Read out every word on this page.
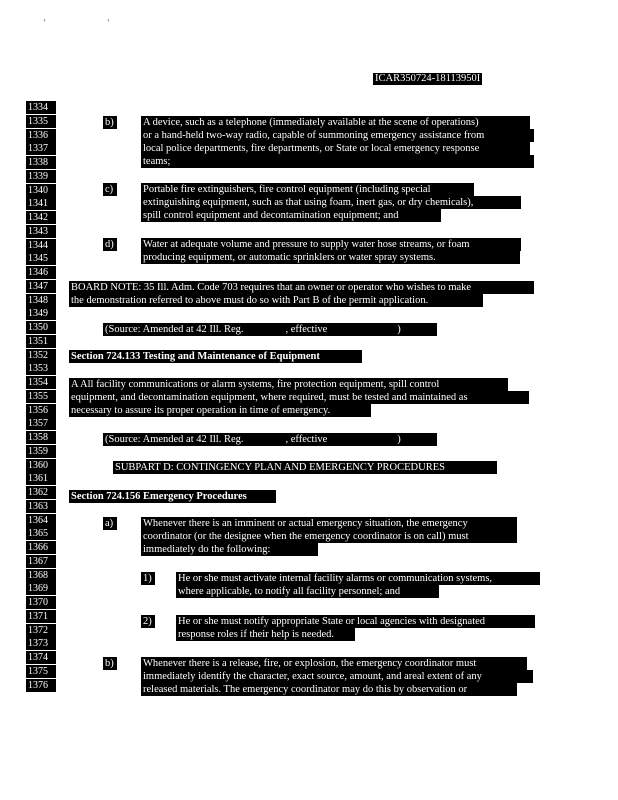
' '
ICAR350724-18113950I
1334
1335
1336
1337
1338
1339
1340
1341
1342
1343
1344
1345
1346
1347
1348
1349
1350
1351
1352
1353
1354
1355
1356
1357
1358
1359
1360
1361
1362
1363
1364
1365
1366
1367
1368
1369
1370
1371
1372
1373
1374
1375
1376
b)	A device, such as a telephone (immediately available at the scene of operations)
or a hand-held two-way radio, capable of summoning emergency assistance from
local police departments, fire departments, or State or local emergency response
teams;
c)	Portable fire extinguishers, fire control equipment (including special
extinguishing equipment, such as that using foam, inert gas, or dry chemicals),
spill control equipment and decontamination equipment; and
d)	Water at adequate volume and pressure to supply water hose streams, or foam
producing equipment, or automatic sprinklers or water spray systems.
BOARD NOTE: 35 Ill. Adm. Code 703 requires that an owner or operator who wishes to make
the demonstration referred to above must do so with Part B of the permit application.
(Source: Amended at 42 Ill. Reg.	, effective	)
Section 724.133 Testing and Maintenance of Equipment
A All facility communications or alarm systems, fire protection equipment, spill control
equipment, and decontamination equipment, where required, must be tested and maintained as
necessary to assure its proper operation in time of emergency.
(Source: Amended at 42 Ill. Reg.	, effective	)
SUBPART D: CONTINGENCY PLAN AND EMERGENCY PROCEDURES
Section 724.156 Emergency Procedures
a)	Whenever there is an imminent or actual emergency situation, the emergency
coordinator (or the designee when the emergency coordinator is on call) must
immediately do the following:
1)	He or she must activate internal facility alarms or communication systems,
where applicable, to notify all facility personnel; and
2)	He or she must notify appropriate State or local agencies with designated
response roles if their help is needed.
b)	Whenever there is a release, fire, or explosion, the emergency coordinator must
immediately identify the character, exact source, amount, and areal extent of any
released materials. The emergency coordinator may do this by observation or
